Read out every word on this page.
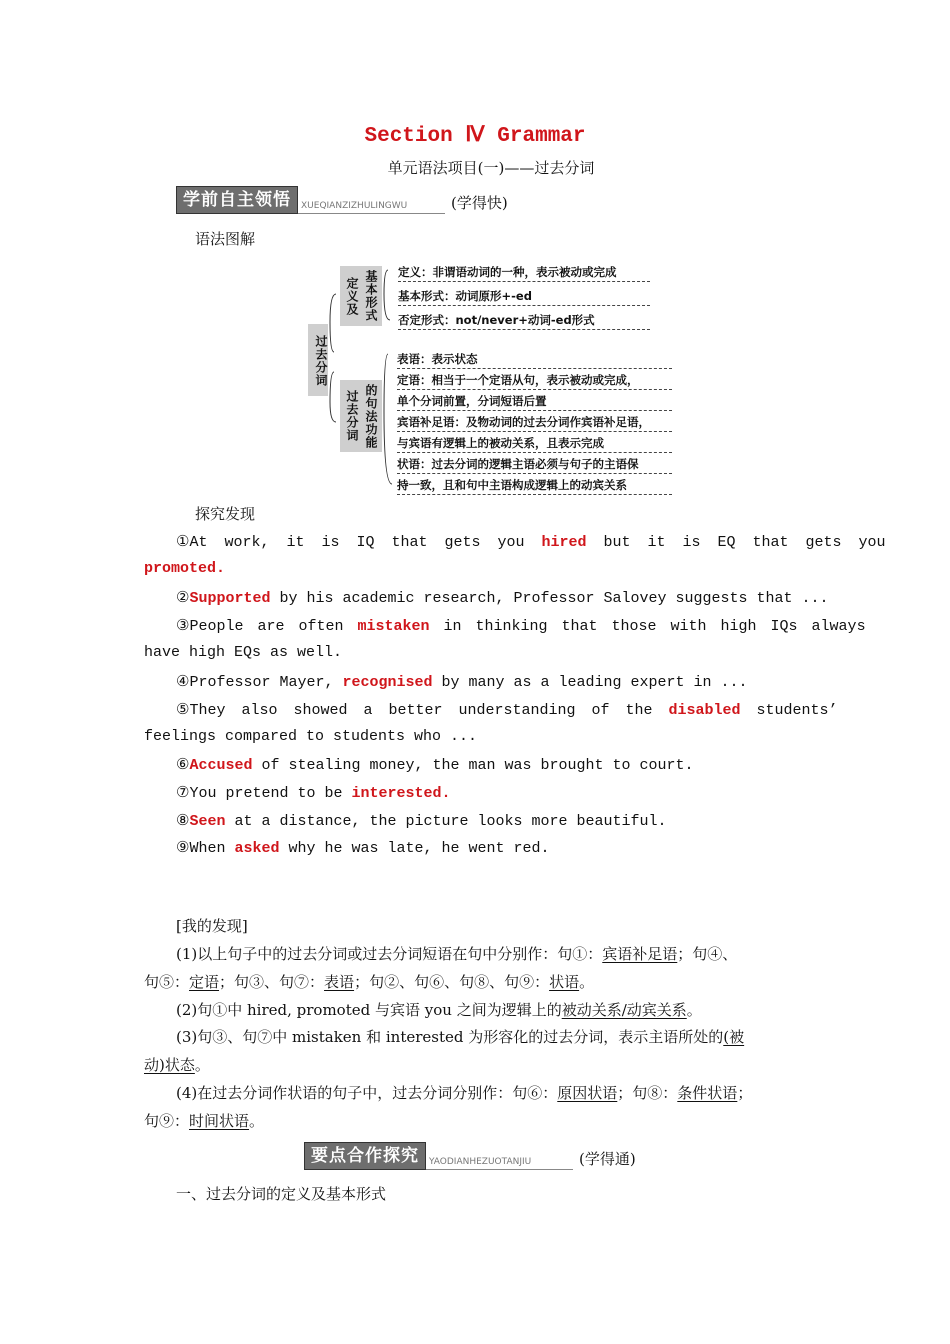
Section Ⅳ Grammar
单元语法项目(一)——过去分词
学前自主领悟	XUEQIANZIZHULINGWU	(学得快)
语法图解
过去分词
定义及 基本形式
过去分词 的句法功能
定义：非谓语动词的一种，表示被动或完成
基本形式：动词原形+-ed
否定形式：not/never+动词-ed形式
表语：表示状态
定语：相当于一个定语从句，表示被动或完成，
单个分词前置，分词短语后置
宾语补足语：及物动词的过去分词作宾语补足语，
与宾语有逻辑上的被动关系，且表示完成
状语：过去分词的逻辑主语必须与句子的主语保
持一致，且和句中主语构成逻辑上的动宾关系
探究发现
①At work, it is IQ that gets you hired but it is EQ that gets you
promoted.
②Supported by his academic research, Professor Salovey suggests that ...
③People are often mistaken in thinking that those with high IQs always
have high EQs as well.
④Professor Mayer, recognised by many as a leading expert in ...
⑤They also showed a better understanding of the disabled students’
feelings compared to students who ...
⑥Accused of stealing money, the man was brought to court.
⑦You pretend to be interested.
⑧Seen at a distance, the picture looks more beautiful.
⑨When asked why he was late, he went red.
[我的发现]
(1)以上句子中的过去分词或过去分词短语在句中分别作：句①：宾语补足语；句④、
句⑤：定语；句③、句⑦：表语；句②、句⑥、句⑧、句⑨：状语。
(2)句①中 hired, promoted 与宾语 you 之间为逻辑上的被动关系/动宾关系。
(3)句③、句⑦中 mistaken 和 interested 为形容化的过去分词，表示主语所处的(被
动)状态。
(4)在过去分词作状语的句子中，过去分词分别作：句⑥：原因状语；句⑧：条件状语；
句⑨：时间状语。
要点合作探究	YAODIANHEZUOTANJIU	(学得通)
一、过去分词的定义及基本形式
